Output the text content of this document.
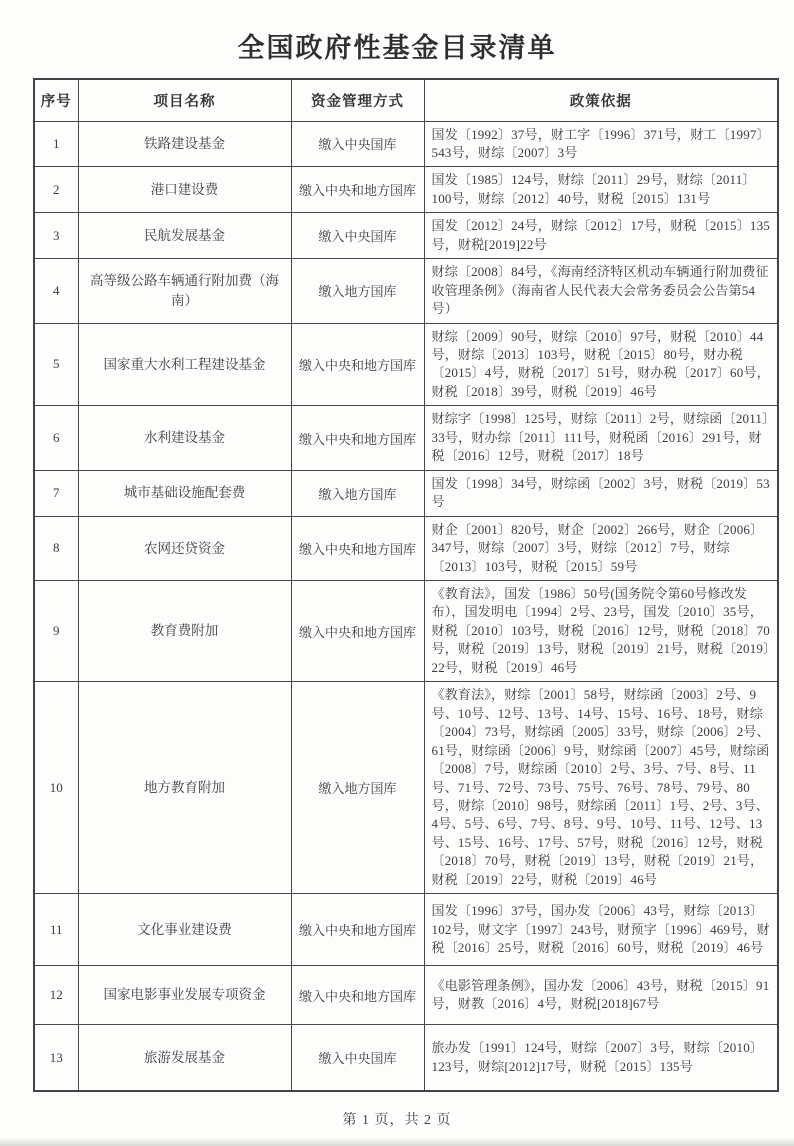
全国政府性基金目录清单
序号	项目名称	资金管理方式	政策依据
1	铁路建设基金	缴入中央国库	国发〔1992〕37号，财工字〔1996〕371号，财工〔1997〕543号，财综〔2007〕3号
2	港口建设费	缴入中央和地方国库	国发〔1985〕124号，财综〔2011〕29号，财综〔2011〕100号，财综〔2012〕40号，财税〔2015〕131号
3	民航发展基金	缴入中央国库	国发〔2012〕24号，财综〔2012〕17号，财税〔2015〕135号，财税[2019]22号
4	高等级公路车辆通行附加费（海南）	缴入地方国库	财综〔2008〕84号，《海南经济特区机动车辆通行附加费征收管理条例》（海南省人民代表大会常务委员会公告第54号）
5	国家重大水利工程建设基金	缴入中央和地方国库	财综〔2009〕90号，财综〔2010〕97号，财税〔2010〕44号，财综〔2013〕103号，财税〔2015〕80号，财办税〔2015〕4号，财税〔2017〕51号，财办税〔2017〕60号，财税〔2018〕39号，财税〔2019〕46号
6	水利建设基金	缴入中央和地方国库	财综字〔1998〕125号，财综〔2011〕2号，财综函〔2011〕33号，财办综〔2011〕111号，财税函〔2016〕291号，财税〔2016〕12号，财税〔2017〕18号
7	城市基础设施配套费	缴入地方国库	国发〔1998〕34号，财综函〔2002〕3号，财税〔2019〕53号
8	农网还贷资金	缴入中央和地方国库	财企〔2001〕820号，财企〔2002〕266号，财企〔2006〕347号，财综〔2007〕3号，财综〔2012〕7号，财综〔2013〕103号，财税〔2015〕59号
9	教育费附加	缴入中央和地方国库	《教育法》，国发〔1986〕50号(国务院令第60号修改发布），国发明电〔1994〕2号、23号，国发〔2010〕35号，财税〔2010〕103号，财税〔2016〕12号，财税〔2018〕70号，财税〔2019〕13号，财税〔2019〕21号，财税〔2019〕22号，财税〔2019〕46号
10	地方教育附加	缴入地方国库	《教育法》，财综〔2001〕58号，财综函〔2003〕2号、9号、10号、12号、13号、14号、15号、16号、18号，财综〔2004〕73号，财综函〔2005〕33号，财综〔2006〕2号、61号，财综函〔2006〕9号，财综函〔2007〕45号，财综函〔2008〕7号，财综函〔2010〕2号、3号、7号、8号、11号、71号、72号、73号、75号、76号、78号、79号、80号，财综〔2010〕98号，财综函〔2011〕1号、2号、3号、4号、5号、6号、7号、8号、9号、10号、11号、12号、13号、15号、16号、17号、57号，财税〔2016〕12号，财税〔2018〕70号，财税〔2019〕13号，财税〔2019〕21号，财税〔2019〕22号，财税〔2019〕46号
11	文化事业建设费	缴入中央和地方国库	国发〔1996〕37号，国办发〔2006〕43号，财综〔2013〕102号，财文字〔1997〕243号，财预字〔1996〕469号，财税〔2016〕25号，财税〔2016〕60号，财税〔2019〕46号
12	国家电影事业发展专项资金	缴入中央和地方国库	《电影管理条例》，国办发〔2006〕43号，财税〔2015〕91号，财教〔2016〕4号，财税[2018]67号
13	旅游发展基金	缴入中央国库	旅办发〔1991〕124号，财综〔2007〕3号，财综〔2010〕123号，财综[2012]17号，财税〔2015〕135号
第 1 页，共 2 页
